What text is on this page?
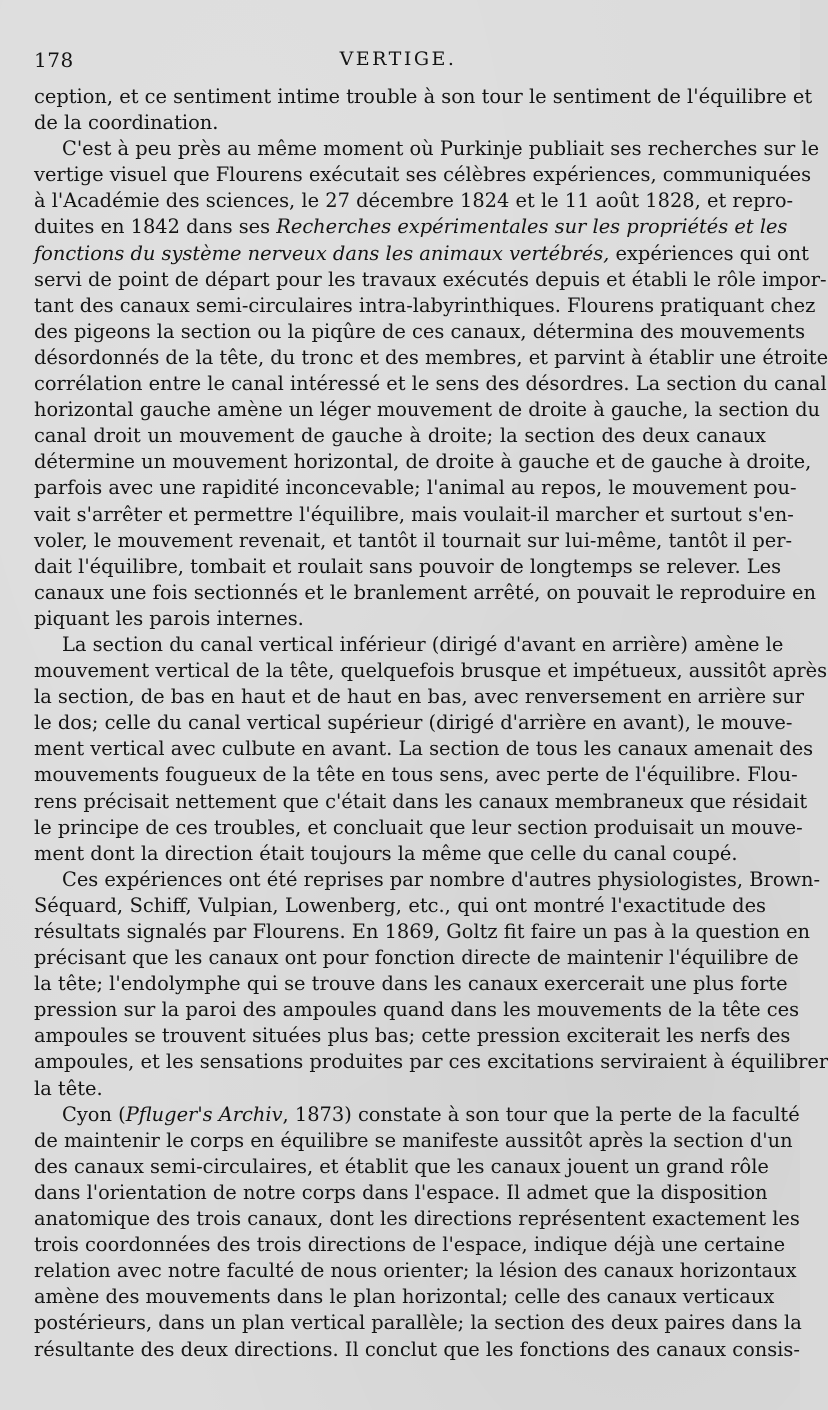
178	VERTIGE.
ception, et ce sentiment intime trouble à son tour le sentiment de l'équilibre et
de la coordination.
C'est à peu près au même moment où Purkinje publiait ses recherches sur le
vertige visuel que Flourens exécutait ses célèbres expériences, communiquées
à l'Académie des sciences, le 27 décembre 1824 et le 11 août 1828, et repro-
duites en 1842 dans ses Recherches expérimentales sur les propriétés et les
fonctions du système nerveux dans les animaux vertébrés, expériences qui ont
servi de point de départ pour les travaux exécutés depuis et établi le rôle impor-
tant des canaux semi-circulaires intra-labyrinthiques. Flourens pratiquant chez
des pigeons la section ou la piqûre de ces canaux, détermina des mouvements
désordonnés de la tête, du tronc et des membres, et parvint à établir une étroite
corrélation entre le canal intéressé et le sens des désordres. La section du canal
horizontal gauche amène un léger mouvement de droite à gauche, la section du
canal droit un mouvement de gauche à droite; la section des deux canaux
détermine un mouvement horizontal, de droite à gauche et de gauche à droite,
parfois avec une rapidité inconcevable; l'animal au repos, le mouvement pou-
vait s'arrêter et permettre l'équilibre, mais voulait-il marcher et surtout s'en-
voler, le mouvement revenait, et tantôt il tournait sur lui-même, tantôt il per-
dait l'équilibre, tombait et roulait sans pouvoir de longtemps se relever. Les
canaux une fois sectionnés et le branlement arrêté, on pouvait le reproduire en
piquant les parois internes.
La section du canal vertical inférieur (dirigé d'avant en arrière) amène le
mouvement vertical de la tête, quelquefois brusque et impétueux, aussitôt après
la section, de bas en haut et de haut en bas, avec renversement en arrière sur
le dos; celle du canal vertical supérieur (dirigé d'arrière en avant), le mouve-
ment vertical avec culbute en avant. La section de tous les canaux amenait des
mouvements fougueux de la tête en tous sens, avec perte de l'équilibre. Flou-
rens précisait nettement que c'était dans les canaux membraneux que résidait
le principe de ces troubles, et concluait que leur section produisait un mouve-
ment dont la direction était toujours la même que celle du canal coupé.
Ces expériences ont été reprises par nombre d'autres physiologistes, Brown-
Séquard, Schiff, Vulpian, Lowenberg, etc., qui ont montré l'exactitude des
résultats signalés par Flourens. En 1869, Goltz fit faire un pas à la question en
précisant que les canaux ont pour fonction directe de maintenir l'équilibre de
la tête; l'endolymphe qui se trouve dans les canaux exercerait une plus forte
pression sur la paroi des ampoules quand dans les mouvements de la tête ces
ampoules se trouvent situées plus bas; cette pression exciterait les nerfs des
ampoules, et les sensations produites par ces excitations serviraient à équilibrer
la tête.
Cyon (Pfluger's Archiv, 1873) constate à son tour que la perte de la faculté
de maintenir le corps en équilibre se manifeste aussitôt après la section d'un
des canaux semi-circulaires, et établit que les canaux jouent un grand rôle
dans l'orientation de notre corps dans l'espace. Il admet que la disposition
anatomique des trois canaux, dont les directions représentent exactement les
trois coordonnées des trois directions de l'espace, indique déjà une certaine
relation avec notre faculté de nous orienter; la lésion des canaux horizontaux
amène des mouvements dans le plan horizontal; celle des canaux verticaux
postérieurs, dans un plan vertical parallèle; la section des deux paires dans la
résultante des deux directions. Il conclut que les fonctions des canaux consis-
